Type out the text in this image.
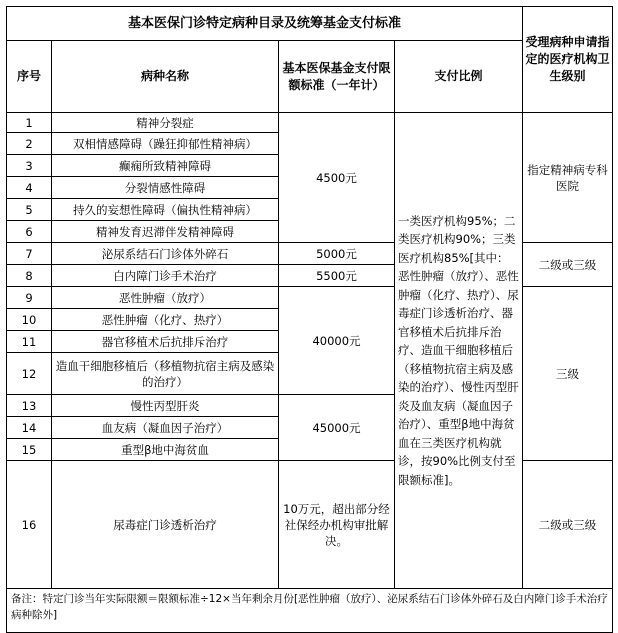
基本医保门诊特定病种目录及统筹基金支付标准				受理病种申请指定的医疗机构卫生级别
序号	病种名称	基本医保基金支付限额标准（一年计）	支付比例	
1	精神分裂症	4500元	一类医疗机构95%；二类医疗机构90%；三类医疗机构85%[其中：恶性肿瘤（放疗）、恶性肿瘤（化疗、热疗）、尿毒症门诊透析治疗、器官移植术后抗排斥治疗、造血干细胞移植后（移植物抗宿主病及感染的治疗）、慢性丙型肝炎及血友病（凝血因子治疗）、重型β地中海贫血在三类医疗机构就诊，按90%比例支付至限额标准]。	指定精神病专科医院
2	双相情感障碍（躁狂抑郁性精神病）			
3	癫痫所致精神障碍			
4	分裂情感性障碍			
5	持久的妄想性障碍（偏执性精神病）			
6	精神发育迟滞伴发精神障碍			
7	泌尿系结石门诊体外碎石	5000元		二级或三级
8	白内障门诊手术治疗	5500元		
9	恶性肿瘤（放疗）	40000元		三级
10	恶性肿瘤（化疗、热疗）			
11	器官移植术后抗排斥治疗			
12	造血干细胞移植后（移植物抗宿主病及感染的治疗）			
13	慢性丙型肝炎	45000元		
14	血友病（凝血因子治疗）			
15	重型β地中海贫血			
16	尿毒症门诊透析治疗	10万元，超出部分经社保经办机构审批解决。		二级或三级

备注：特定门诊当年实际限额＝限额标准÷12×当年剩余月份[恶性肿瘤（放疗）、泌尿系结石门诊体外碎石及白内障门诊手术治疗病种除外]				
